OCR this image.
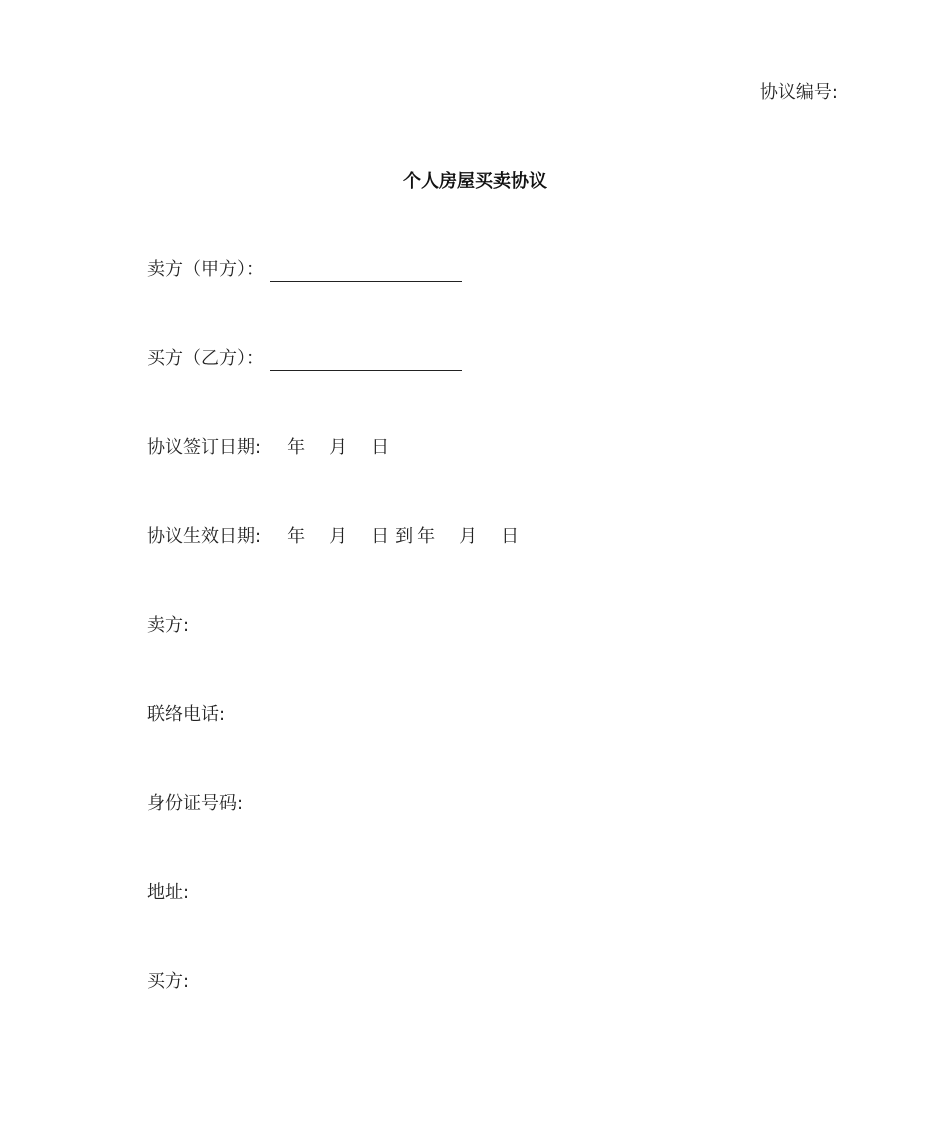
协议编号:
个人房屋买卖协议
卖方（甲方）：
买方（乙方）：
协议签订日期: 年 月 日
协议生效日期: 年 月 日 到 年 月 日
卖方:
联络电话:
身份证号码:
地址:
买方:
